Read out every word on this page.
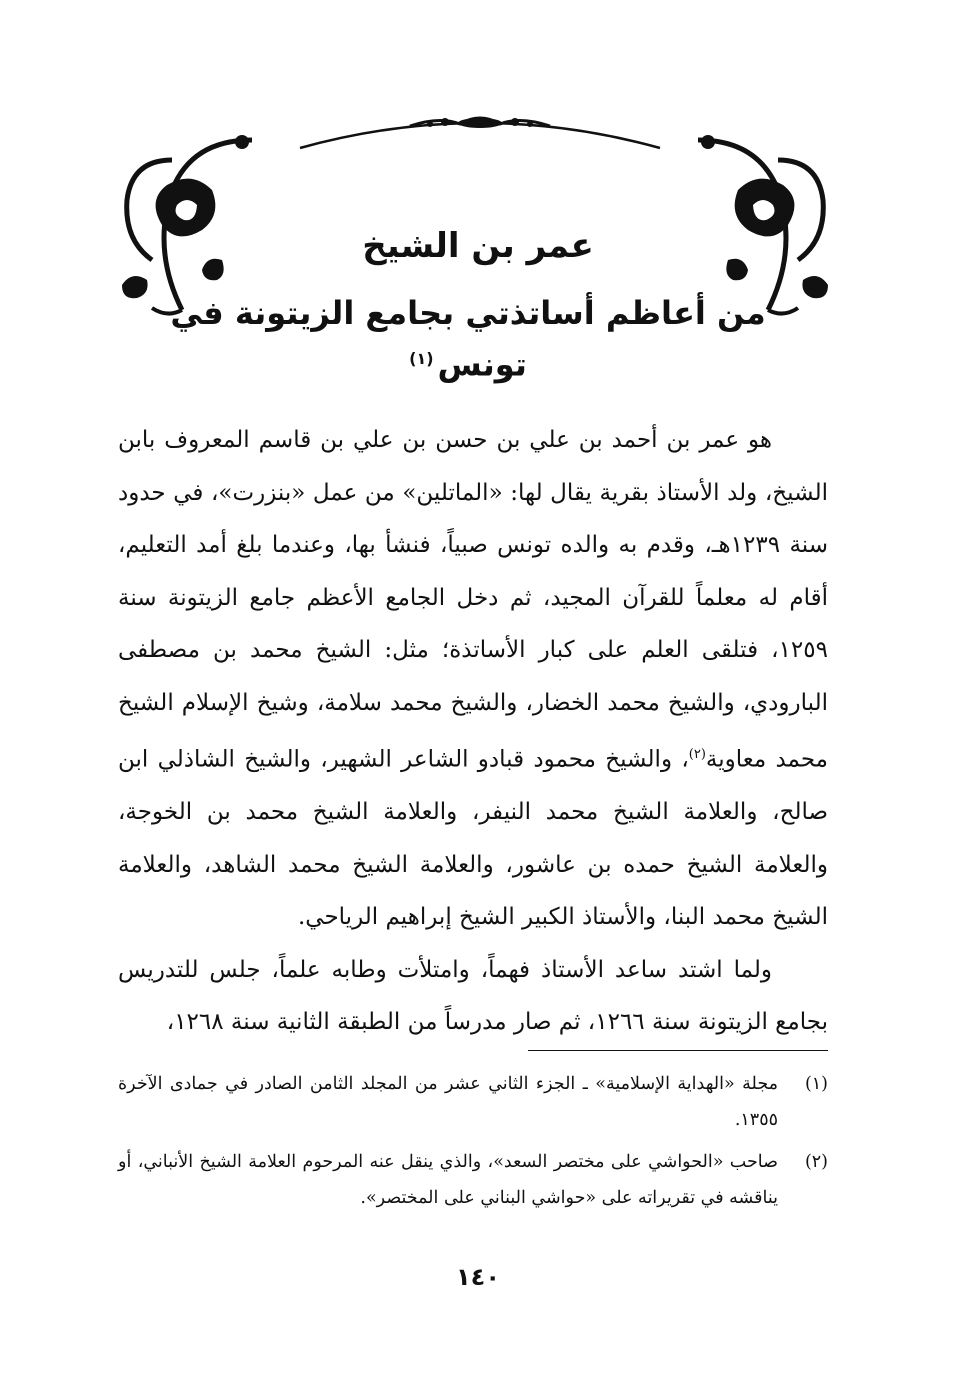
عمر بن الشيخ
من أعاظم أساتذتي بجامع الزيتونة في تونس$^{(١)}$

هو عمر بن أحمد بن علي بن حسن بن علي بن قاسم المعروف بابن الشيخ، ولد الأستاذ بقرية يقال لها: «الماتلين» من عمل «بنزرت»، في حدود سنة ١٢٣٩هـ، وقدم به والده تونس صبياً، فنشأ بها، وعندما بلغ أمد التعليم، أقام له معلماً للقرآن المجيد، ثم دخل الجامع الأعظم جامع الزيتونة سنة ١٢٥٩، فتلقى العلم على كبار الأساتذة؛ مثل: الشيخ محمد بن مصطفى البارودي، والشيخ محمد الخضار، والشيخ محمد سلامة، وشيخ الإسلام الشيخ محمد معاوية$^{(٢)}$، والشيخ محمود قبادو الشاعر الشهير، والشيخ الشاذلي ابن صالح، والعلامة الشيخ محمد النيفر، والعلامة الشيخ محمد بن الخوجة، والعلامة الشيخ حمده بن عاشور، والعلامة الشيخ محمد الشاهد، والعلامة الشيخ محمد البنا، والأستاذ الكبير الشيخ إبراهيم الرياحي.

ولما اشتد ساعد الأستاذ فهماً، وامتلأت وطابه علماً، جلس للتدريس بجامع الزيتونة سنة ١٢٦٦، ثم صار مدرساً من الطبقة الثانية سنة ١٢٦٨،

(١)
مجلة «الهداية الإسلامية» ـ الجزء الثاني عشر من المجلد الثامن الصادر في جمادى الآخرة ١٣٥٥.
(٢)
صاحب «الحواشي على مختصر السعد»، والذي ينقل عنه المرحوم العلامة الشيخ الأنباني، أو يناقشه في تقريراته على «حواشي البناني على المختصر».
١٤٠
